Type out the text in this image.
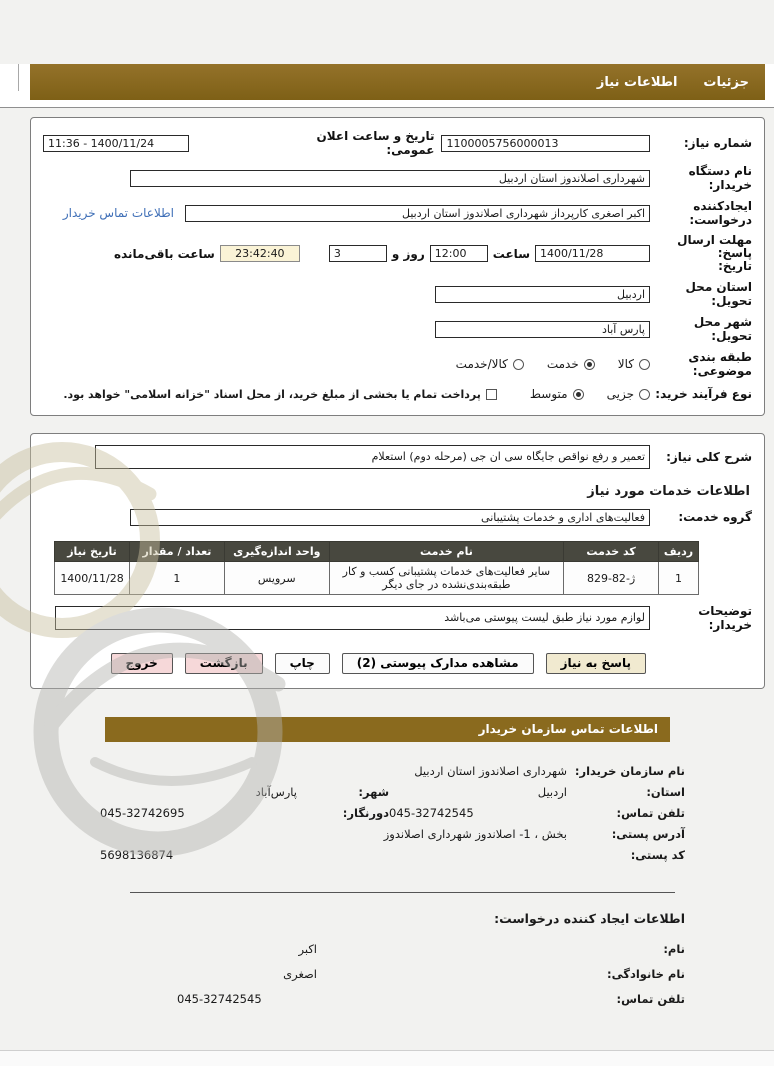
جزئیات
اطلاعات نیاز
شماره نیاز:
1100005756000013
تاریخ و ساعت اعلان عمومی:
11:36 - 1400/11/24
نام دستگاه خریدار:
شهرداری اصلاندوز استان اردبیل
ایجادکننده درخواست:
اکبر اصغری کارپرداز شهرداری اصلاندوز استان اردبیل
اطلاعات تماس خریدار
مهلت ارسال پاسخ:
تاریخ:
1400/11/28
ساعت
12:00
روز و
3
23:42:40
ساعت باقی‌مانده
استان محل تحویل:
اردبیل
شهر محل تحویل:
پارس آباد
طبقه بندی موضوعی:
کالا
خدمت
کالا/خدمت
نوع فرآیند خرید:
جزیی
متوسط
پرداخت تمام یا بخشی از مبلغ خرید، از محل اسناد "خزانه اسلامی" خواهد بود.
شرح کلی نیاز:
تعمیر و رفع نواقص جایگاه سی ان جی (مرحله دوم) استعلام
اطلاعات خدمات مورد نیاز
گروه خدمت:
فعالیت‌های اداری و خدمات پشتیبانی
ردیف	کد خدمت	نام خدمت	واحد اندازه‌گیری	تعداد / مقدار	تاریخ نیاز
1	ژ-82-829	سایر فعالیت‌های خدمات پشتیبانی کسب و کار طبقه‌بندی‌نشده در جای دیگر	سرویس	1	1400/11/28
توضیحات خریدار:
لوازم مورد نیاز طبق لیست پیوستی می‌باشد
پاسخ به نیاز
مشاهده مدارک پیوستی (2)
چاپ
بازگشت
خروج
اطلاعات تماس سازمان خریدار
نام سازمان خریدار:
شهرداری اصلاندوز استان اردبیل
استان:
اردبیل
شهر:
پارس‌آباد
تلفن تماس:
045-32742545
دورنگار:
045-32742695
آدرس پستی:
بخش ، 1- اصلاندوز شهرداری اصلاندوز
کد پستی:
5698136874
اطلاعات ایجاد کننده درخواست:
نام:
اکبر
نام خانوادگی:
اصغری
تلفن تماس:
045-32742545
